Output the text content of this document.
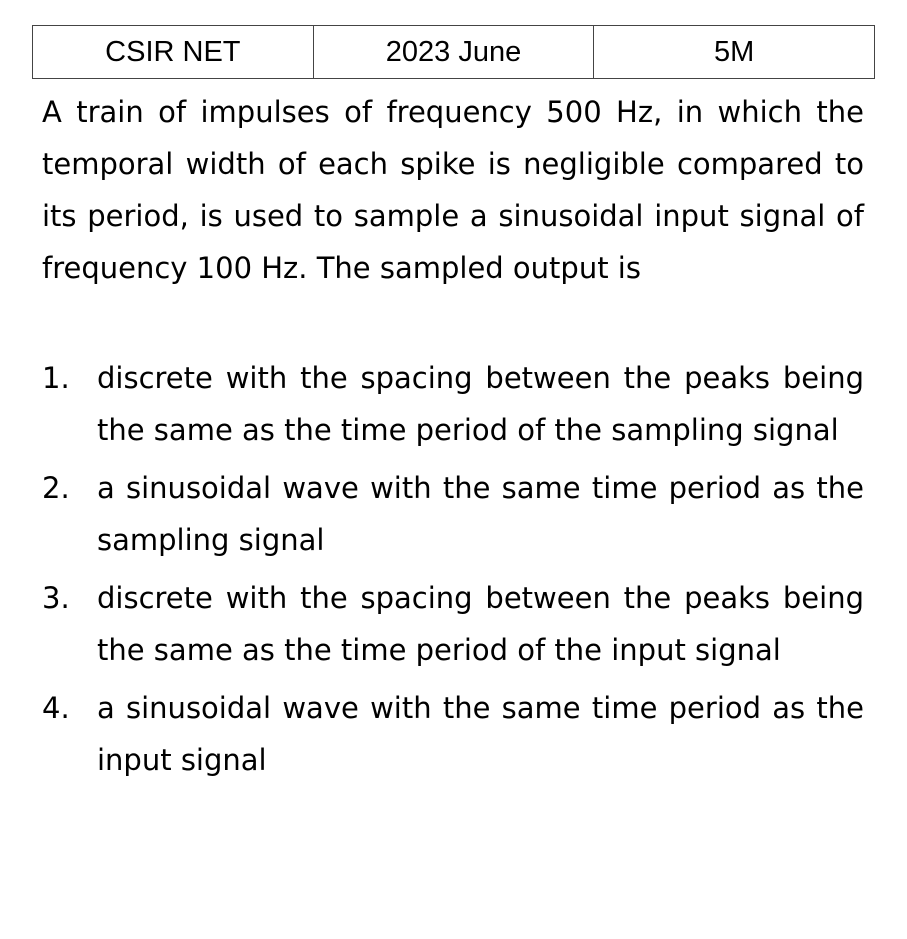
CSIR NET	2023 June	5M

A train of impulses of frequency 500 Hz, in which the temporal width of each spike is negligible compared to its period, is used to sample a sinusoidal input signal of frequency 100 Hz. The sampled output is

1. discrete with the spacing between the peaks being the same as the time period of the sampling signal
2. a sinusoidal wave with the same time period as the sampling signal
3. discrete with the spacing between the peaks being the same as the time period of the input signal
4. a sinusoidal wave with the same time period as the input signal
